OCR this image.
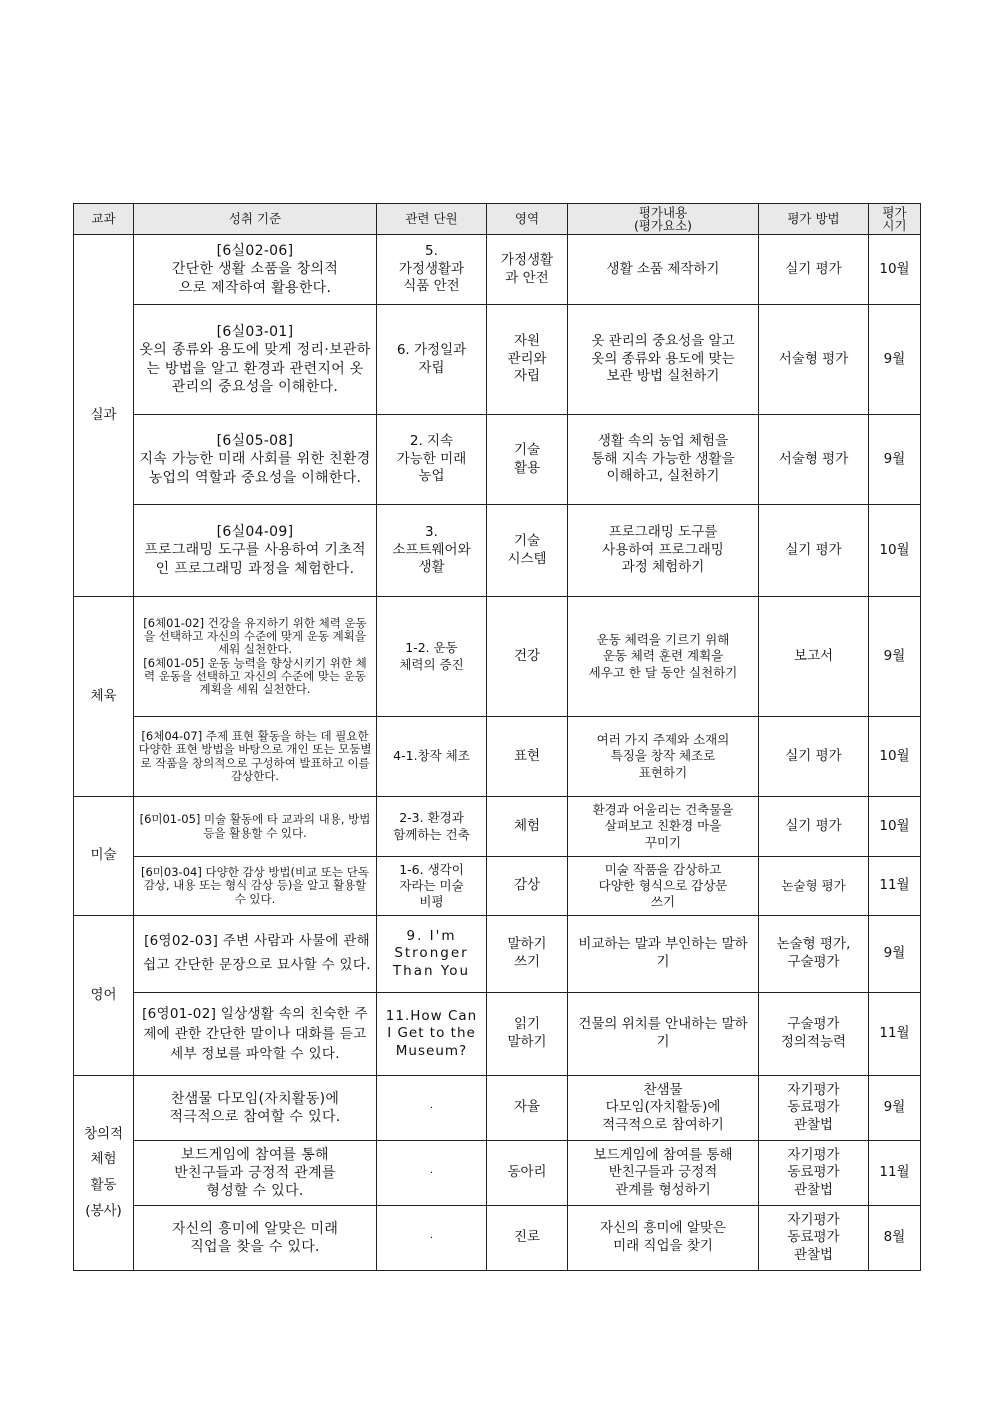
교과	성취 기준	관련 단원	영역	평가내용
(평가요소)	평가 방법	평가
시기
실과	[6실02-06]
간단한 생활 소품을 창의적
으로 제작하여 활용한다.	5.
가정생활과
식품 안전	가정생활
과 안전	생활 소품 제작하기	실기 평가	10월

	[6실03-01]
옷의 종류와 용도에 맞게 정리·보관하는 방법을 알고 환경과 관련지어 옷 관리의 중요성을 이해한다.	6. 가정일과
자립	자원
관리와
자립	옷 관리의 중요성을 알고
옷의 종류와 용도에 맞는
보관 방법 실천하기	서술형 평가	9월

	[6실05-08]
지속 가능한 미래 사회를 위한 친환경 농업의 역할과 중요성을 이해한다.	2. 지속
가능한 미래
농업	기술
활용	생활 속의 농업 체험을
통해 지속 가능한 생활을
이해하고, 실천하기	서술형 평가	9월

	[6실04-09]
프로그래밍 도구를 사용하여 기초적인 프로그래밍 과정을 체험한다.	3.
소프트웨어와
생활	기술
시스템	프로그래밍 도구를
사용하여 프로그래밍
과정 체험하기	실기 평가	10월
체육	[6체01-02] 건강을 유지하기 위한 체력 운동을 선택하고 자신의 수준에 맞게 운동 계획을 세워 실천한다.
[6체01-05] 운동 능력을 향상시키기 위한 체력 운동을 선택하고 자신의 수준에 맞는 운동 계획을 세워 실천한다.	1-2. 운동
체력의 증진	건강	운동 체력을 기르기 위해
운동 체력 훈련 계획을
세우고 한 달 동안 실천하기	보고서	9월
	[6체04-07] 주제 표현 활동을 하는 데 필요한 다양한 표현 방법을 바탕으로 개인 또는 모둠별로 작품을 창의적으로 구성하여 발표하고 이를 감상한다.	4-1.창작 체조	표현	여러 가지 주제와 소재의
특징을 창작 체조로
표현하기	실기 평가	10월
미술	[6미01-05] 미술 활동에 타 교과의 내용, 방법 등을 활용할 수 있다.	2-3. 환경과
함께하는 건축	체험	환경과 어울리는 건축물을
살펴보고 친환경 마을
꾸미기	실기 평가	10월
	[6미03-04] 다양한 감상 방법(비교 또는 단독 감상, 내용 또는 형식 감상 등)을 알고 활용할 수 있다.	1-6. 생각이
자라는 미술
비평	감상	미술 작품을 감상하고
다양한 형식으로 감상문
쓰기	논술형 평가	11월
영어	[6영02-03] 주변 사람과 사물에 관해 쉽고 간단한 문장으로 묘사할 수 있다.	9. I'm Stronger Than You	말하기
쓰기	비교하는 말과 부인하는 말하기	논술형 평가,
구술평가	9월
	[6영01-02] 일상생활 속의 친숙한 주제에 관한 간단한 말이나 대화를 듣고 세부 정보를 파악할 수 있다.	11.How Can I Get to the Museum?	읽기
말하기	건물의 위치를 안내하는 말하기	구술평가
정의적능력	11월
창의적
체험
활동
(봉사)	찬샘물 다모임(자치활동)에
적극적으로 참여할 수 있다.	·	자율	찬샘물
다모임(자치활동)에
적극적으로 참여하기	자기평가
동료평가
관찰법	9월
	보드게임에 참여를 통해
반친구들과 긍정적 관계를
형성할 수 있다.	·	동아리	보드게임에 참여를 통해
반친구들과 긍정적
관계를 형성하기	자기평가
동료평가
관찰법	11월
	자신의 흥미에 알맞은 미래
직업을 찾을 수 있다.	·	진로	자신의 흥미에 알맞은
미래 직업을 찾기	자기평가
동료평가
관찰법	8월
